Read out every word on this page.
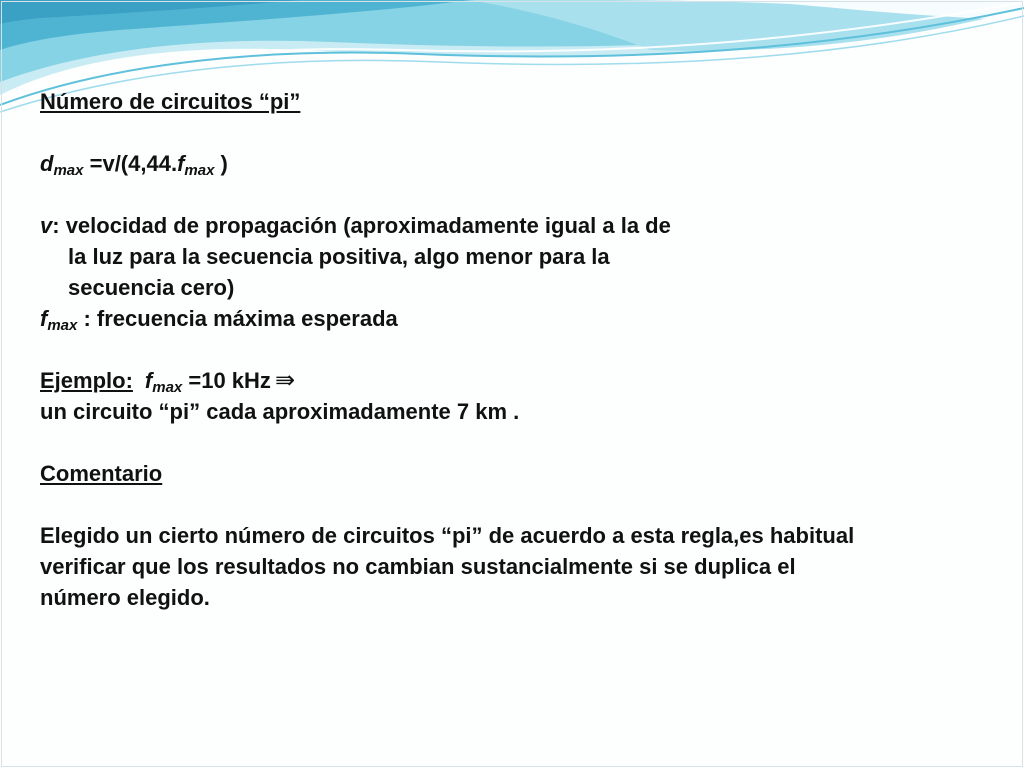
Número de circuitos “pi”
$d_{max} =v/(4,44.f_{max}$ )
v: velocidad de propagación (aproximadamente igual a la de
la luz para la secuencia positiva, algo menor para la
secuencia cero)
$f_{max}$ : frecuencia máxima esperada
Ejemplo: $f_{max} =10$ kHz ⇛
un circuito “pi” cada aproximadamente 7 km .
Comentario
Elegido un cierto número de circuitos “pi” de acuerdo a esta regla,es habitual
verificar que los resultados no cambian sustancialmente si se duplica el
número elegido.
